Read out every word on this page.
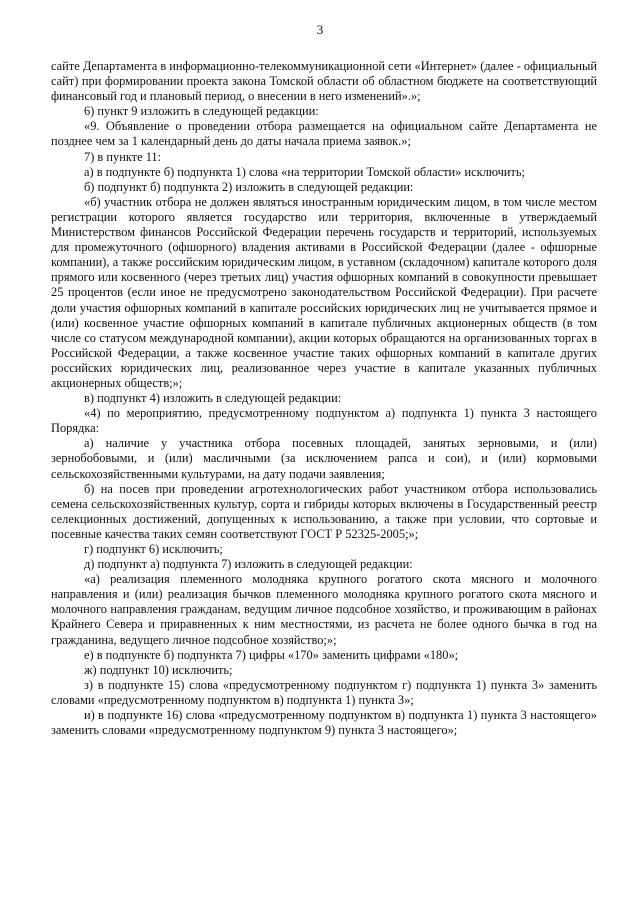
3

сайте Департамента в информационно-телекоммуникационной сети «Интернет» (далее - официальный сайт) при формировании проекта закона Томской области об областном бюджете на соответствующий финансовый год и плановый период, о внесении в него изменений».»;

6) пункт 9 изложить в следующей редакции:

«9. Объявление о проведении отбора размещается на официальном сайте Департамента не позднее чем за 1 календарный день до даты начала приема заявок.»;

7) в пункте 11:

а) в подпункте б) подпункта 1) слова «на территории Томской области» исключить;

б) подпункт б) подпункта 2) изложить в следующей редакции:

«б) участник отбора не должен являться иностранным юридическим лицом, в том числе местом регистрации которого является государство или территория, включенные в утверждаемый Министерством финансов Российской Федерации перечень государств и территорий, используемых для промежуточного (офшорного) владения активами в Российской Федерации (далее - офшорные компании), а также российским юридическим лицом, в уставном (складочном) капитале которого доля прямого или косвенного (через третьих лиц) участия офшорных компаний в совокупности превышает 25 процентов (если иное не предусмотрено законодательством Российской Федерации). При расчете доли участия офшорных компаний в капитале российских юридических лиц не учитывается прямое и (или) косвенное участие офшорных компаний в капитале публичных акционерных обществ (в том числе со статусом международной компании), акции которых обращаются на организованных торгах в Российской Федерации, а также косвенное участие таких офшорных компаний в капитале других российских юридических лиц, реализованное через участие в капитале указанных публичных акционерных обществ;»;

в) подпункт 4) изложить в следующей редакции:

«4) по мероприятию, предусмотренному подпунктом а) подпункта 1) пункта 3 настоящего Порядка:

а) наличие у участника отбора посевных площадей, занятых зерновыми, и (или) зернобобовыми, и (или) масличными (за исключением рапса и сои), и (или) кормовыми сельскохозяйственными культурами, на дату подачи заявления;

б) на посев при проведении агротехнологических работ участником отбора использовались семена сельскохозяйственных культур, сорта и гибриды которых включены в Государственный реестр селекционных достижений, допущенных к использованию, а также при условии, что сортовые и посевные качества таких семян соответствуют ГОСТ Р 52325-2005;»;

г) подпункт 6) исключить;

д) подпункт а) подпункта 7) изложить в следующей редакции:

«а) реализация племенного молодняка крупного рогатого скота мясного и молочного направления и (или) реализация бычков племенного молодняка крупного рогатого скота мясного и молочного направления гражданам, ведущим личное подсобное хозяйство, и проживающим в районах Крайнего Севера и приравненных к ним местностями, из расчета не более одного бычка в год на гражданина, ведущего личное подсобное хозяйство;»;

е) в подпункте б) подпункта 7) цифры «170» заменить цифрами «180»;

ж) подпункт 10) исключить;

з) в подпункте 15) слова «предусмотренному подпунктом г) подпункта 1) пункта 3» заменить словами «предусмотренному подпунктом в) подпункта 1) пункта 3»;

и) в подпункте 16) слова «предусмотренному подпунктом в) подпункта 1) пункта 3 настоящего» заменить словами «предусмотренному подпунктом 9) пункта 3 настоящего»;
